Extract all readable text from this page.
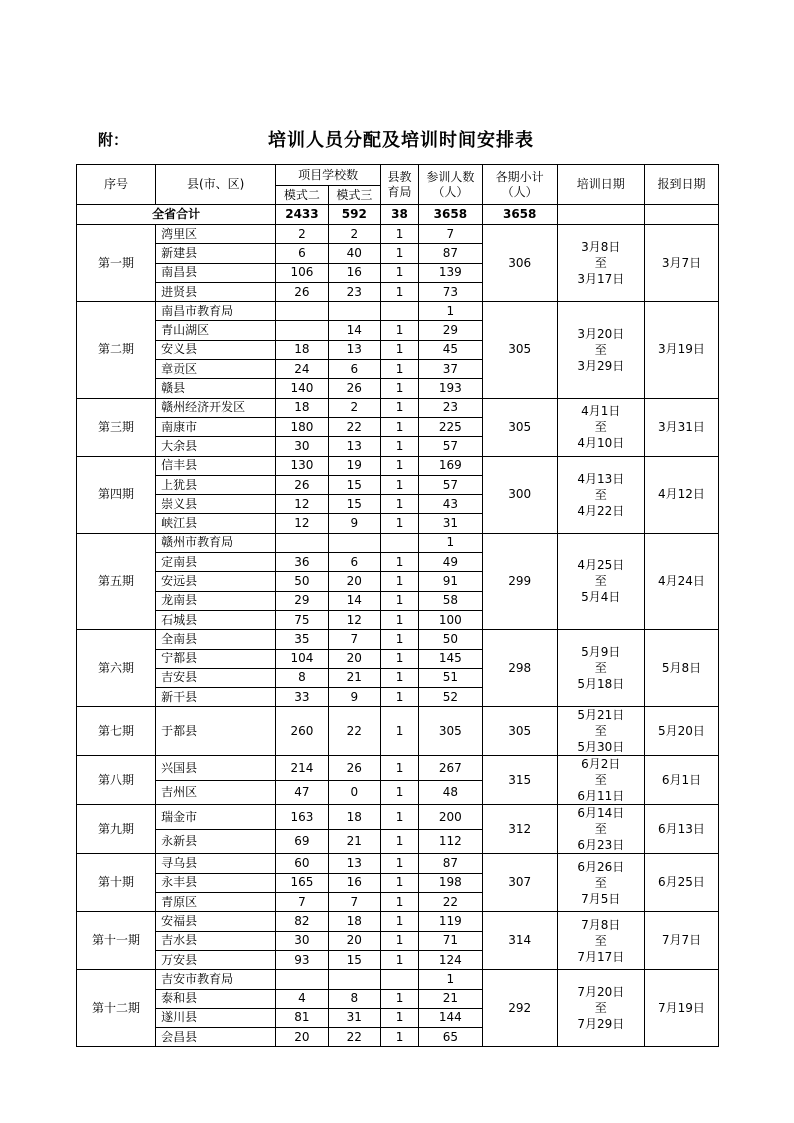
附：	培训人员分配及培训时间安排表
序号	县(市、区)	项目学校数		县教育局	参训人数（人）	各期小计（人）	培训日期	报到日期
		模式二	模式三					
全省合计		2433	592	38	3658	3658		
第一期	湾里区	2	2	1	7	306	3月8日
至
3月17日	3月7日
	新建县	6	40	1	87			
	南昌县	106	16	1	139			
	进贤县	26	23	1	73			
第二期	南昌市教育局				1	305	3月20日
至
3月29日	3月19日
	青山湖区		14	1	29			
	安义县	18	13	1	45			
	章贡区	24	6	1	37			
	赣县	140	26	1	193			
第三期	赣州经济开发区	18	2	1	23	305	4月1日
至
4月10日	3月31日
	南康市	180	22	1	225			
	大余县	30	13	1	57			
第四期	信丰县	130	19	1	169	300	4月13日
至
4月22日	4月12日
	上犹县	26	15	1	57			
	崇义县	12	15	1	43			
	峡江县	12	9	1	31			
第五期	赣州市教育局				1	299	4月25日
至
5月4日	4月24日
	定南县	36	6	1	49			
	安远县	50	20	1	91			
	龙南县	29	14	1	58			
	石城县	75	12	1	100			
第六期	全南县	35	7	1	50	298	5月9日
至
5月18日	5月8日
	宁都县	104	20	1	145			
	吉安县	8	21	1	51			
	新干县	33	9	1	52			
第七期	于都县	260	22	1	305	305	5月21日
至
5月30日	5月20日
第八期	兴国县	214	26	1	267	315	6月2日
至
6月11日	6月1日
	吉州区	47	0	1	48			
第九期	瑞金市	163	18	1	200	312	6月14日
至
6月23日	6月13日
	永新县	69	21	1	112			
第十期	寻乌县	60	13	1	87	307	6月26日
至
7月5日	6月25日
	永丰县	165	16	1	198			
	青原区	7	7	1	22			
第十一期	安福县	82	18	1	119	314	7月8日
至
7月17日	7月7日
	吉水县	30	20	1	71			
	万安县	93	15	1	124			
第十二期	吉安市教育局				1	292	7月20日
至
7月29日	7月19日
	泰和县	4	8	1	21			
	遂川县	81	31	1	144			
	会昌县	20	22	1	65			
